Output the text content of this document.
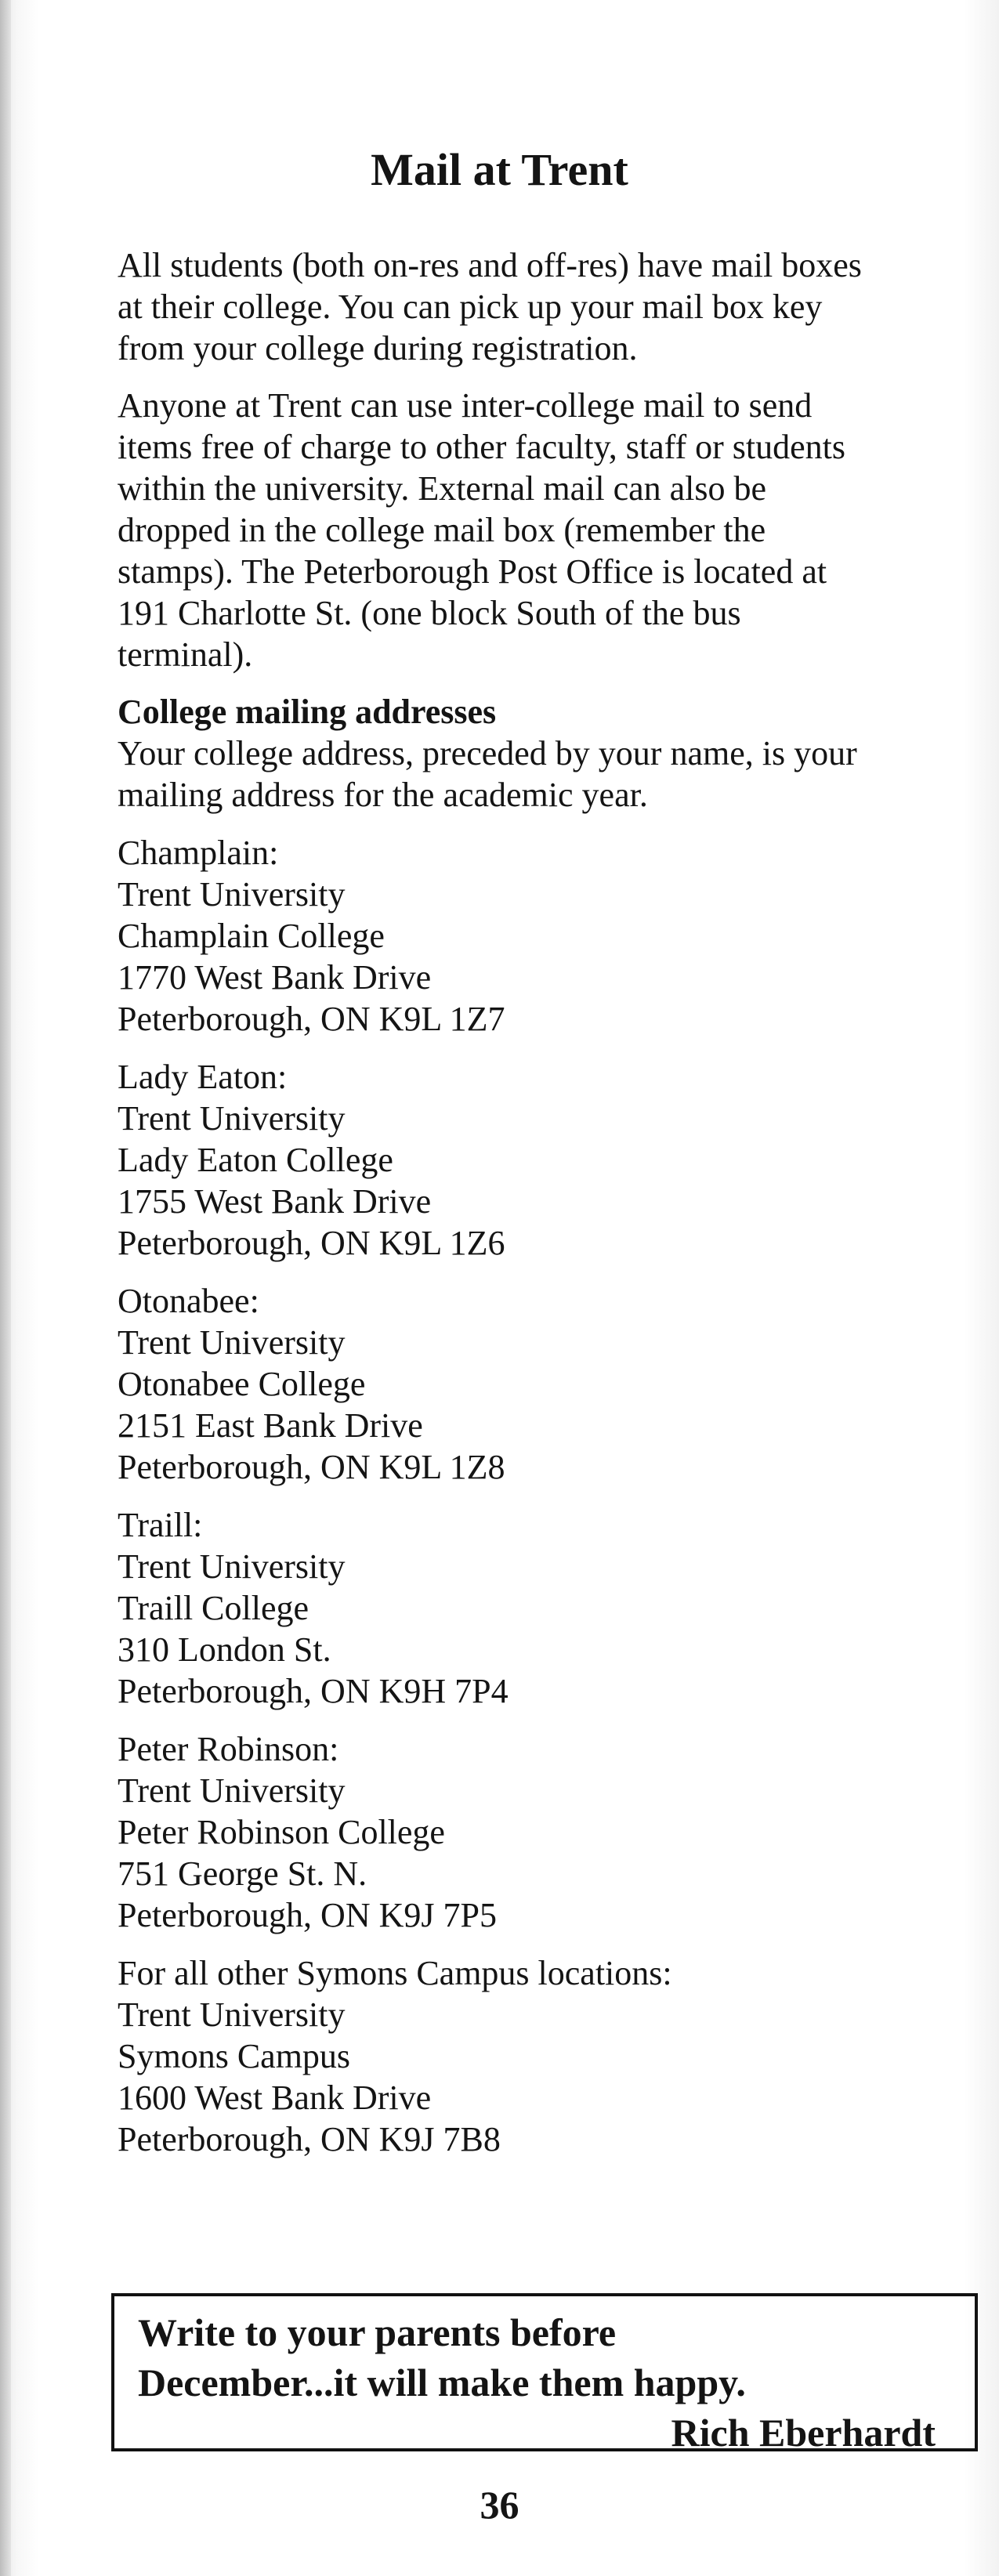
Mail at Trent

All students (both on-res and off-res) have mail boxes
at their college. You can pick up your mail box key
from your college during registration.

Anyone at Trent can use inter-college mail to send
items free of charge to other faculty, staff or students
within the university. External mail can also be
dropped in the college mail box (remember the
stamps). The Peterborough Post Office is located at
191 Charlotte St. (one block South of the bus
terminal).

College mailing addresses

Your college address, preceded by your name, is your
mailing address for the academic year.

Champlain:
Trent University
Champlain College
1770 West Bank Drive
Peterborough, ON K9L 1Z7
Lady Eaton:
Trent University
Lady Eaton College
1755 West Bank Drive
Peterborough, ON K9L 1Z6
Otonabee:
Trent University
Otonabee College
2151 East Bank Drive
Peterborough, ON K9L 1Z8
Traill:
Trent University
Traill College
310 London St.
Peterborough, ON K9H 7P4
Peter Robinson:
Trent University
Peter Robinson College
751 George St. N.
Peterborough, ON K9J 7P5
For all other Symons Campus locations:
Trent University
Symons Campus
1600 West Bank Drive
Peterborough, ON K9J 7B8
Write to your parents before
December...it will make them happy.
Rich Eberhardt
36
